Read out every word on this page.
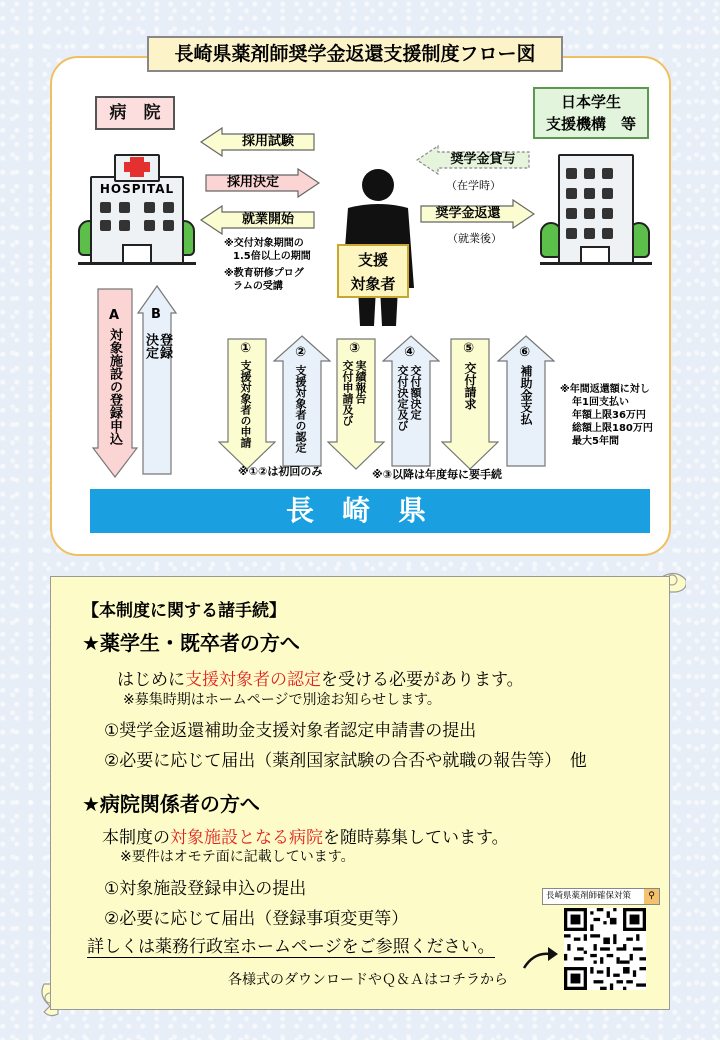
長崎県薬剤師奨学金返還支援制度フロー図
病　院
日本学生
支援機構　等
HOSPITAL
採用試験
採用決定
就業開始
※交付対象期間の
1.5倍以上の期間
※教育研修プログ
ラムの受講
奨学金貸与
（在学時）
奨学金返還
（就業後）
支援
対象者
A
対象施設の登録申込
B
登録
決定	①
支援対象者の申請
②
支援対象者の認定
③
実績報告
交付申請及び
④
交付額決定
交付決定及び
⑤
交付請求
⑥
補助金支払
※①②は初回のみ	※③以降は年度毎に要手続
※年間返還額に対し
年1回支払い
年額上限36万円
総額上限180万円
最大5年間
長崎県
【本制度に関する諸手続】
★薬学生・既卒者の方へ
はじめに支援対象者の認定を受ける必要があります。
※募集時期はホームページで別途お知らせします。
①奨学金返還補助金支援対象者認定申請書の提出
②必要に応じて届出（薬剤国家試験の合否や就職の報告等）　他
★病院関係者の方へ
本制度の対象施設となる病院を随時募集しています。
※要件はオモテ面に記載しています。
①対象施設登録申込の提出
②必要に応じて届出（登録事項変更等）
詳しくは薬務行政室ホームページをご参照ください。
各様式のダウンロードやＱ＆Ａはコチラから
長崎県薬剤師確保対策	⚲
